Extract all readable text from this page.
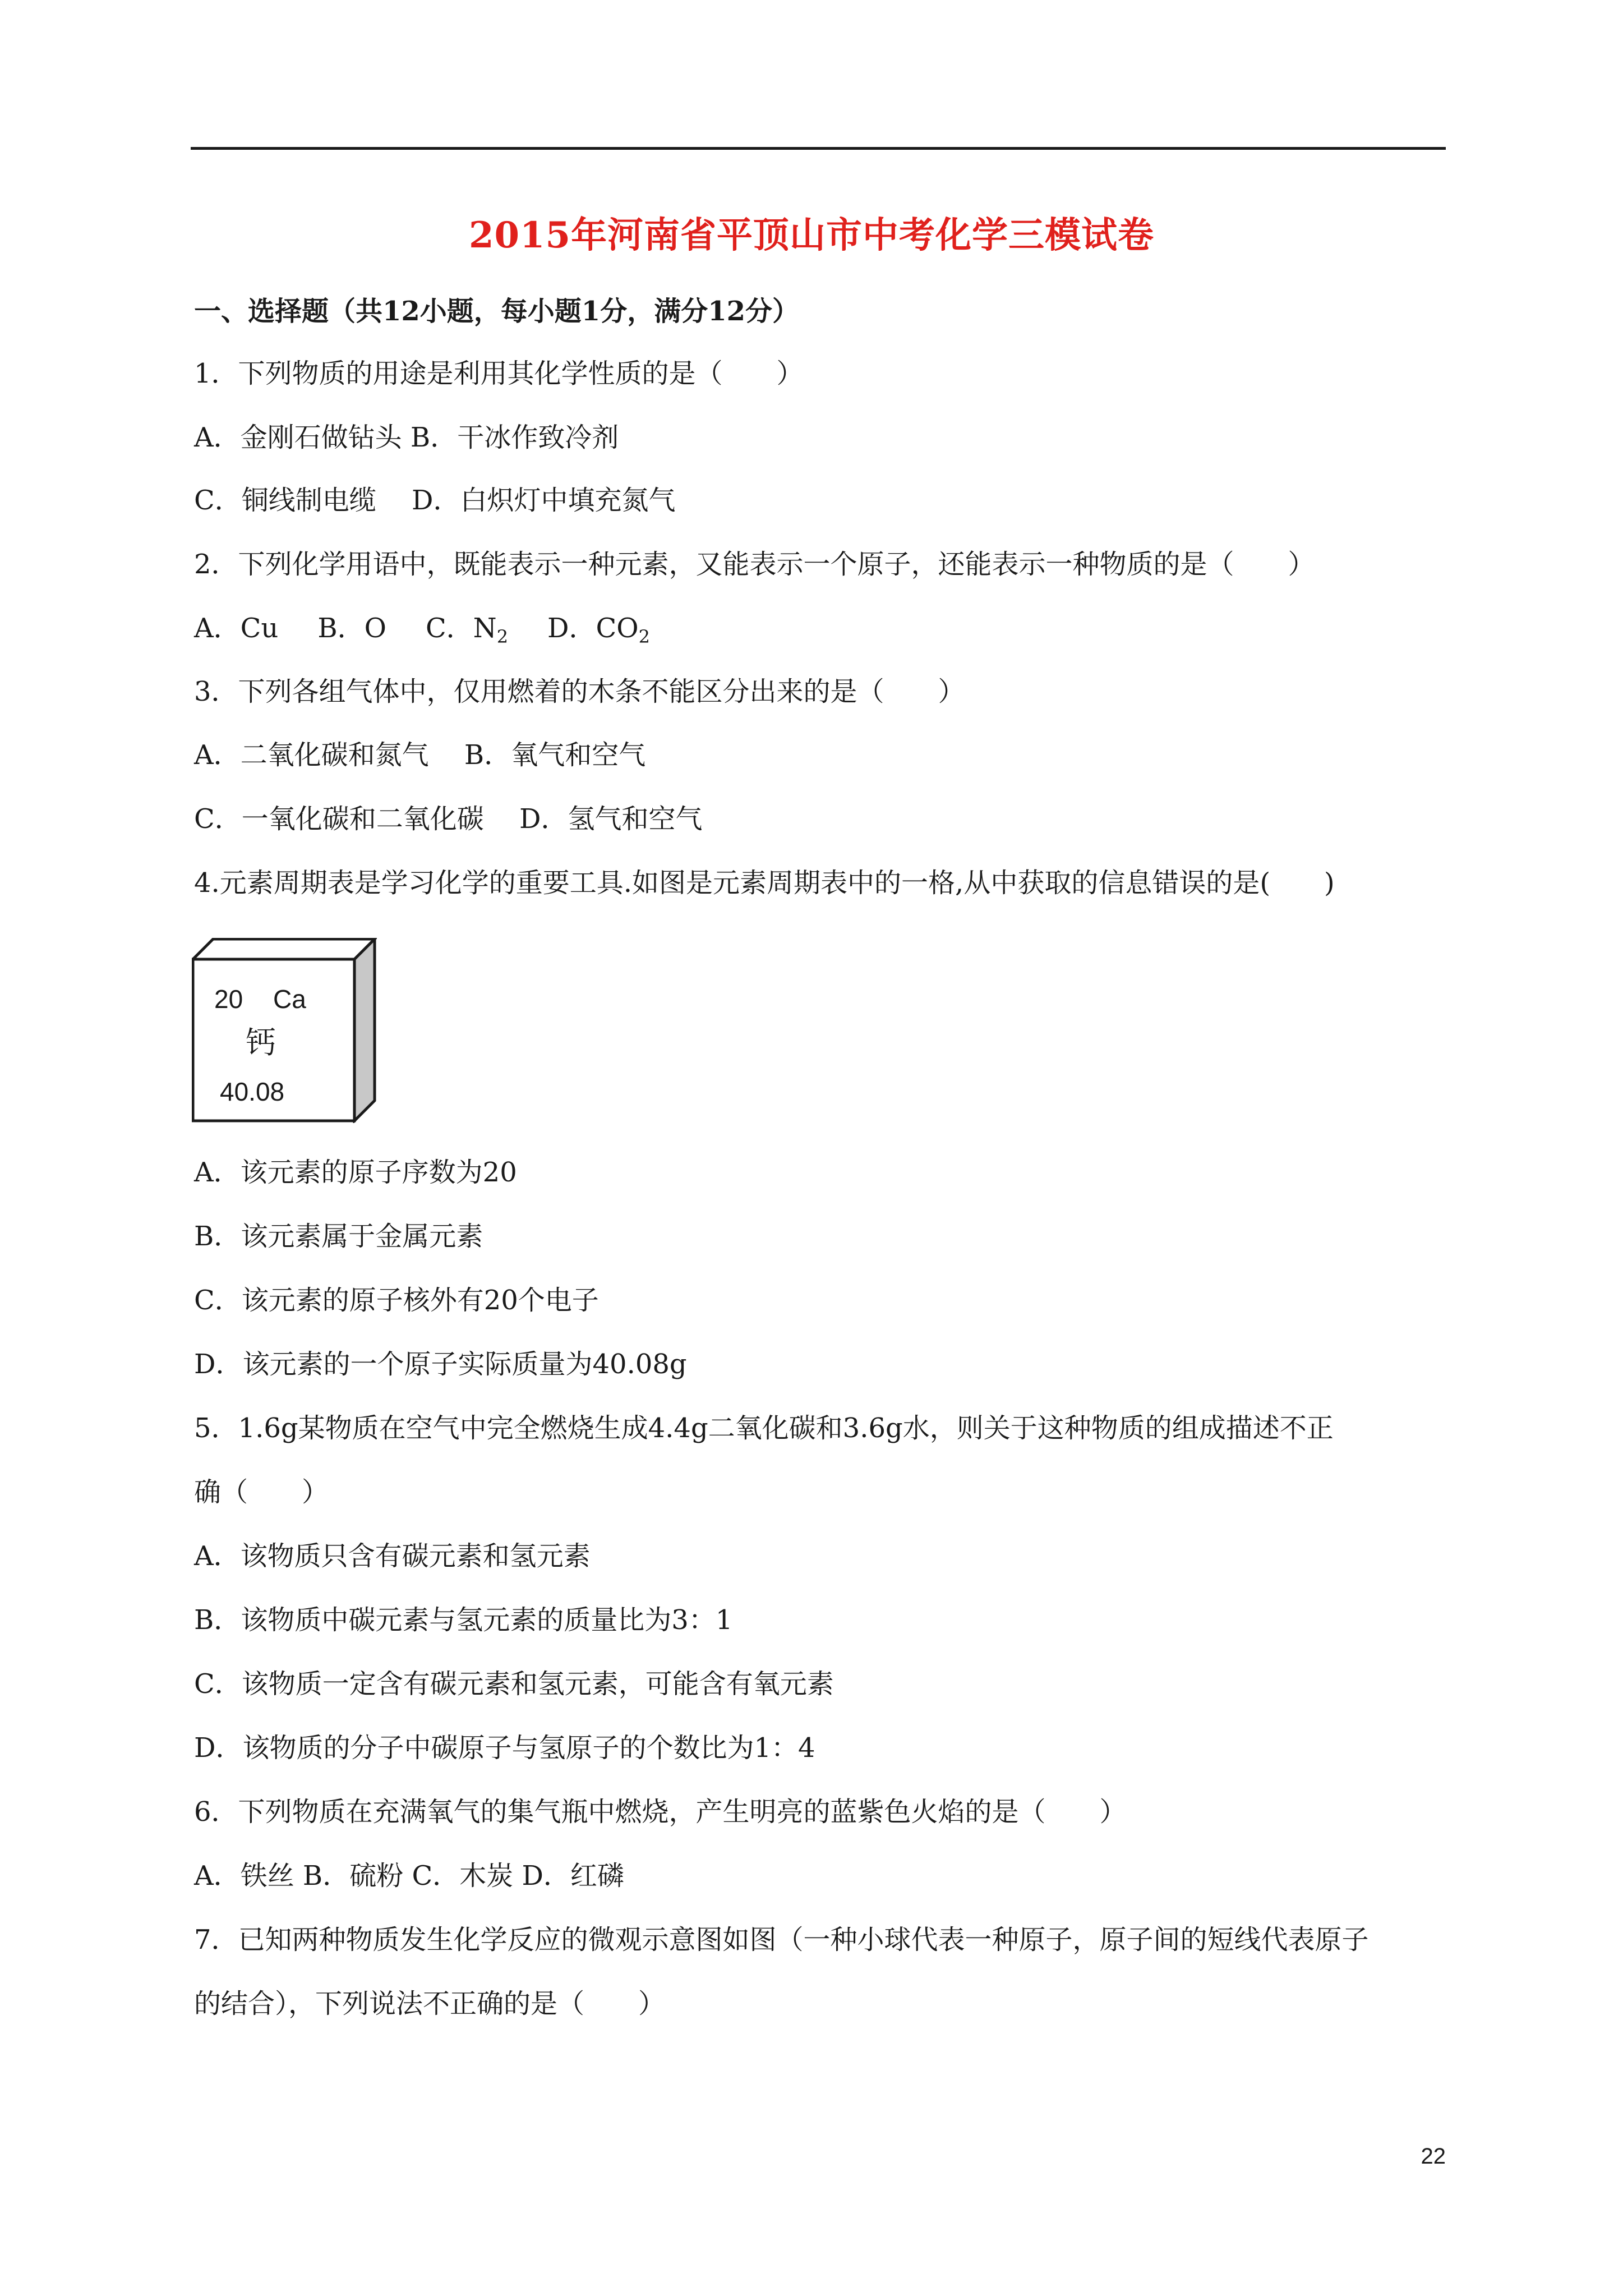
2015年河南省平顶山市中考化学三模试卷
一、选择题（共12小题，每小题1分，满分12分）
1．下列物质的用途是利用其化学性质的是（　　）
A．金刚石做钻头 B．干冰作致冷剂
C．铜线制电缆　 D．白炽灯中填充氮气
2．下列化学用语中，既能表示一种元素，又能表示一个原子，还能表示一种物质的是（　　）
A．Cu B．O C．$N_2$ D．$CO_2$
3．下列各组气体中，仅用燃着的木条不能区分出来的是（　　）
A．二氧化碳和氮气　 B．氧气和空气
C．一氧化碳和二氧化碳　 D．氢气和空气
4.元素周期表是学习化学的重要工具.如图是元素周期表中的一格,从中获取的信息错误的是(　　)
20 Ca
钙
40.08
A．该元素的原子序数为20
B．该元素属于金属元素
C．该元素的原子核外有20个电子
D．该元素的一个原子实际质量为40.08g
5．1.6g某物质在空气中完全燃烧生成4.4g二氧化碳和3.6g水，则关于这种物质的组成描述不正
确（　　）
A．该物质只含有碳元素和氢元素
B．该物质中碳元素与氢元素的质量比为3：1
C．该物质一定含有碳元素和氢元素，可能含有氧元素
D．该物质的分子中碳原子与氢原子的个数比为1：4
6．下列物质在充满氧气的集气瓶中燃烧，产生明亮的蓝紫色火焰的是（　　）
A．铁丝 B．硫粉 C．木炭 D．红磷
7．已知两种物质发生化学反应的微观示意图如图（一种小球代表一种原子，原子间的短线代表原子
的结合），下列说法不正确的是（　　）
22
